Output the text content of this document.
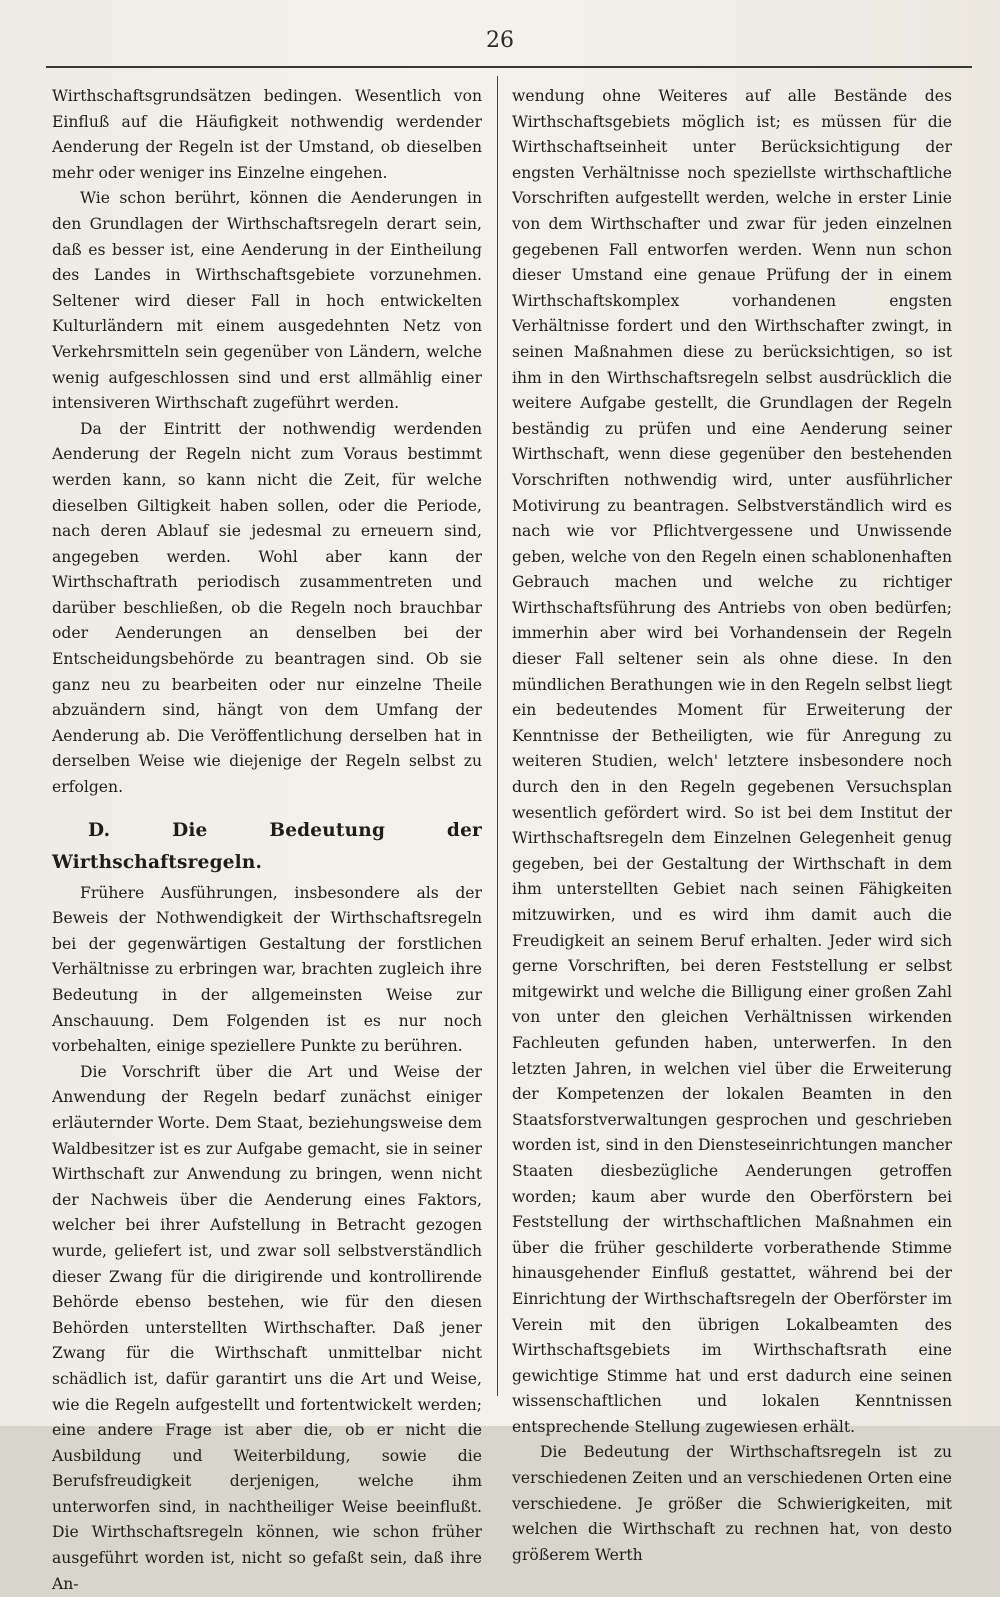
26

Wirthschaftsgrundsätzen bedingen. Wesentlich von Einfluß auf die Häufigkeit nothwendig werdender Aenderung der Regeln ist der Umstand, ob dieselben mehr oder weniger ins Einzelne eingehen.

Wie schon berührt, können die Aenderungen in den Grundlagen der Wirthschaftsregeln derart sein, daß es besser ist, eine Aenderung in der Eintheilung des Landes in Wirthschaftsgebiete vorzunehmen. Seltener wird dieser Fall in hoch entwickelten Kulturländern mit einem ausgedehnten Netz von Verkehrsmitteln sein gegenüber von Ländern, welche wenig aufgeschlossen sind und erst allmählig einer intensiveren Wirthschaft zugeführt werden.

Da der Eintritt der nothwendig werdenden Aenderung der Regeln nicht zum Voraus bestimmt werden kann, so kann nicht die Zeit, für welche dieselben Giltigkeit haben sollen, oder die Periode, nach deren Ablauf sie jedesmal zu erneuern sind, angegeben werden. Wohl aber kann der Wirthschaftrath periodisch zusammentreten und darüber beschließen, ob die Regeln noch brauchbar oder Aenderungen an denselben bei der Entscheidungsbehörde zu beantragen sind. Ob sie ganz neu zu bearbeiten oder nur einzelne Theile abzuändern sind, hängt von dem Umfang der Aenderung ab. Die Veröffentlichung derselben hat in derselben Weise wie diejenige der Regeln selbst zu erfolgen.

D.	Die Bedeutung der Wirthschaftsregeln.

Frühere Ausführungen, insbesondere als der Beweis der Nothwendigkeit der Wirthschaftsregeln bei der gegenwärtigen Gestaltung der forstlichen Verhältnisse zu erbringen war, brachten zugleich ihre Bedeutung in der allgemeinsten Weise zur Anschauung. Dem Folgenden ist es nur noch vorbehalten, einige speziellere Punkte zu berühren.

Die Vorschrift über die Art und Weise der Anwendung der Regeln bedarf zunächst einiger erläuternder Worte. Dem Staat, beziehungsweise dem Waldbesitzer ist es zur Aufgabe gemacht, sie in seiner Wirthschaft zur Anwendung zu bringen, wenn nicht der Nachweis über die Aenderung eines Faktors, welcher bei ihrer Aufstellung in Betracht gezogen wurde, geliefert ist, und zwar soll selbstverständlich dieser Zwang für die dirigirende und kontrollirende Behörde ebenso bestehen, wie für den diesen Behörden unterstellten Wirthschafter. Daß jener Zwang für die Wirthschaft unmittelbar nicht schädlich ist, dafür garantirt uns die Art und Weise, wie die Regeln aufgestellt und fortentwickelt werden; eine andere Frage ist aber die, ob er nicht die Ausbildung und Weiterbildung, sowie die Berufsfreudigkeit derjenigen, welche ihm unterworfen sind, in nachtheiliger Weise beeinflußt. Die Wirthschaftsregeln können, wie schon früher ausgeführt worden ist, nicht so gefaßt sein, daß ihre An-

wendung ohne Weiteres auf alle Bestände des Wirthschaftsgebiets möglich ist; es müssen für die Wirthschaftseinheit unter Berücksichtigung der engsten Verhältnisse noch speziellste wirthschaftliche Vorschriften aufgestellt werden, welche in erster Linie von dem Wirthschafter und zwar für jeden einzelnen gegebenen Fall entworfen werden. Wenn nun schon dieser Umstand eine genaue Prüfung der in einem Wirthschaftskomplex vorhandenen engsten Verhältnisse fordert und den Wirthschafter zwingt, in seinen Maßnahmen diese zu berücksichtigen, so ist ihm in den Wirthschaftsregeln selbst ausdrücklich die weitere Aufgabe gestellt, die Grundlagen der Regeln beständig zu prüfen und eine Aenderung seiner Wirthschaft, wenn diese gegenüber den bestehenden Vorschriften nothwendig wird, unter ausführlicher Motivirung zu beantragen. Selbstverständlich wird es nach wie vor Pflichtvergessene und Unwissende geben, welche von den Regeln einen schablonenhaften Gebrauch machen und welche zu richtiger Wirthschaftsführung des Antriebs von oben bedürfen; immerhin aber wird bei Vorhandensein der Regeln dieser Fall seltener sein als ohne diese. In den mündlichen Berathungen wie in den Regeln selbst liegt ein bedeutendes Moment für Erweiterung der Kenntnisse der Betheiligten, wie für Anregung zu weiteren Studien, welch' letztere insbesondere noch durch den in den Regeln gegebenen Versuchsplan wesentlich gefördert wird. So ist bei dem Institut der Wirthschaftsregeln dem Einzelnen Gelegenheit genug gegeben, bei der Gestaltung der Wirthschaft in dem ihm unterstellten Gebiet nach seinen Fähigkeiten mitzuwirken, und es wird ihm damit auch die Freudigkeit an seinem Beruf erhalten. Jeder wird sich gerne Vorschriften, bei deren Feststellung er selbst mitgewirkt und welche die Billigung einer großen Zahl von unter den gleichen Verhältnissen wirkenden Fachleuten gefunden haben, unterwerfen. In den letzten Jahren, in welchen viel über die Erweiterung der Kompetenzen der lokalen Beamten in den Staatsforstverwaltungen gesprochen und geschrieben worden ist, sind in den Diensteseinrichtungen mancher Staaten diesbezügliche Aenderungen getroffen worden; kaum aber wurde den Oberförstern bei Feststellung der wirthschaftlichen Maßnahmen ein über die früher geschilderte vorberathende Stimme hinausgehender Einfluß gestattet, während bei der Einrichtung der Wirthschaftsregeln der Oberförster im Verein mit den übrigen Lokalbeamten des Wirthschaftsgebiets im Wirthschaftsrath eine gewichtige Stimme hat und erst dadurch eine seinen wissenschaftlichen und lokalen Kenntnissen entsprechende Stellung zugewiesen erhält.

Die Bedeutung der Wirthschaftsregeln ist zu verschiedenen Zeiten und an verschiedenen Orten eine verschiedene. Je größer die Schwierigkeiten, mit welchen die Wirthschaft zu rechnen hat, von desto größerem Werth
